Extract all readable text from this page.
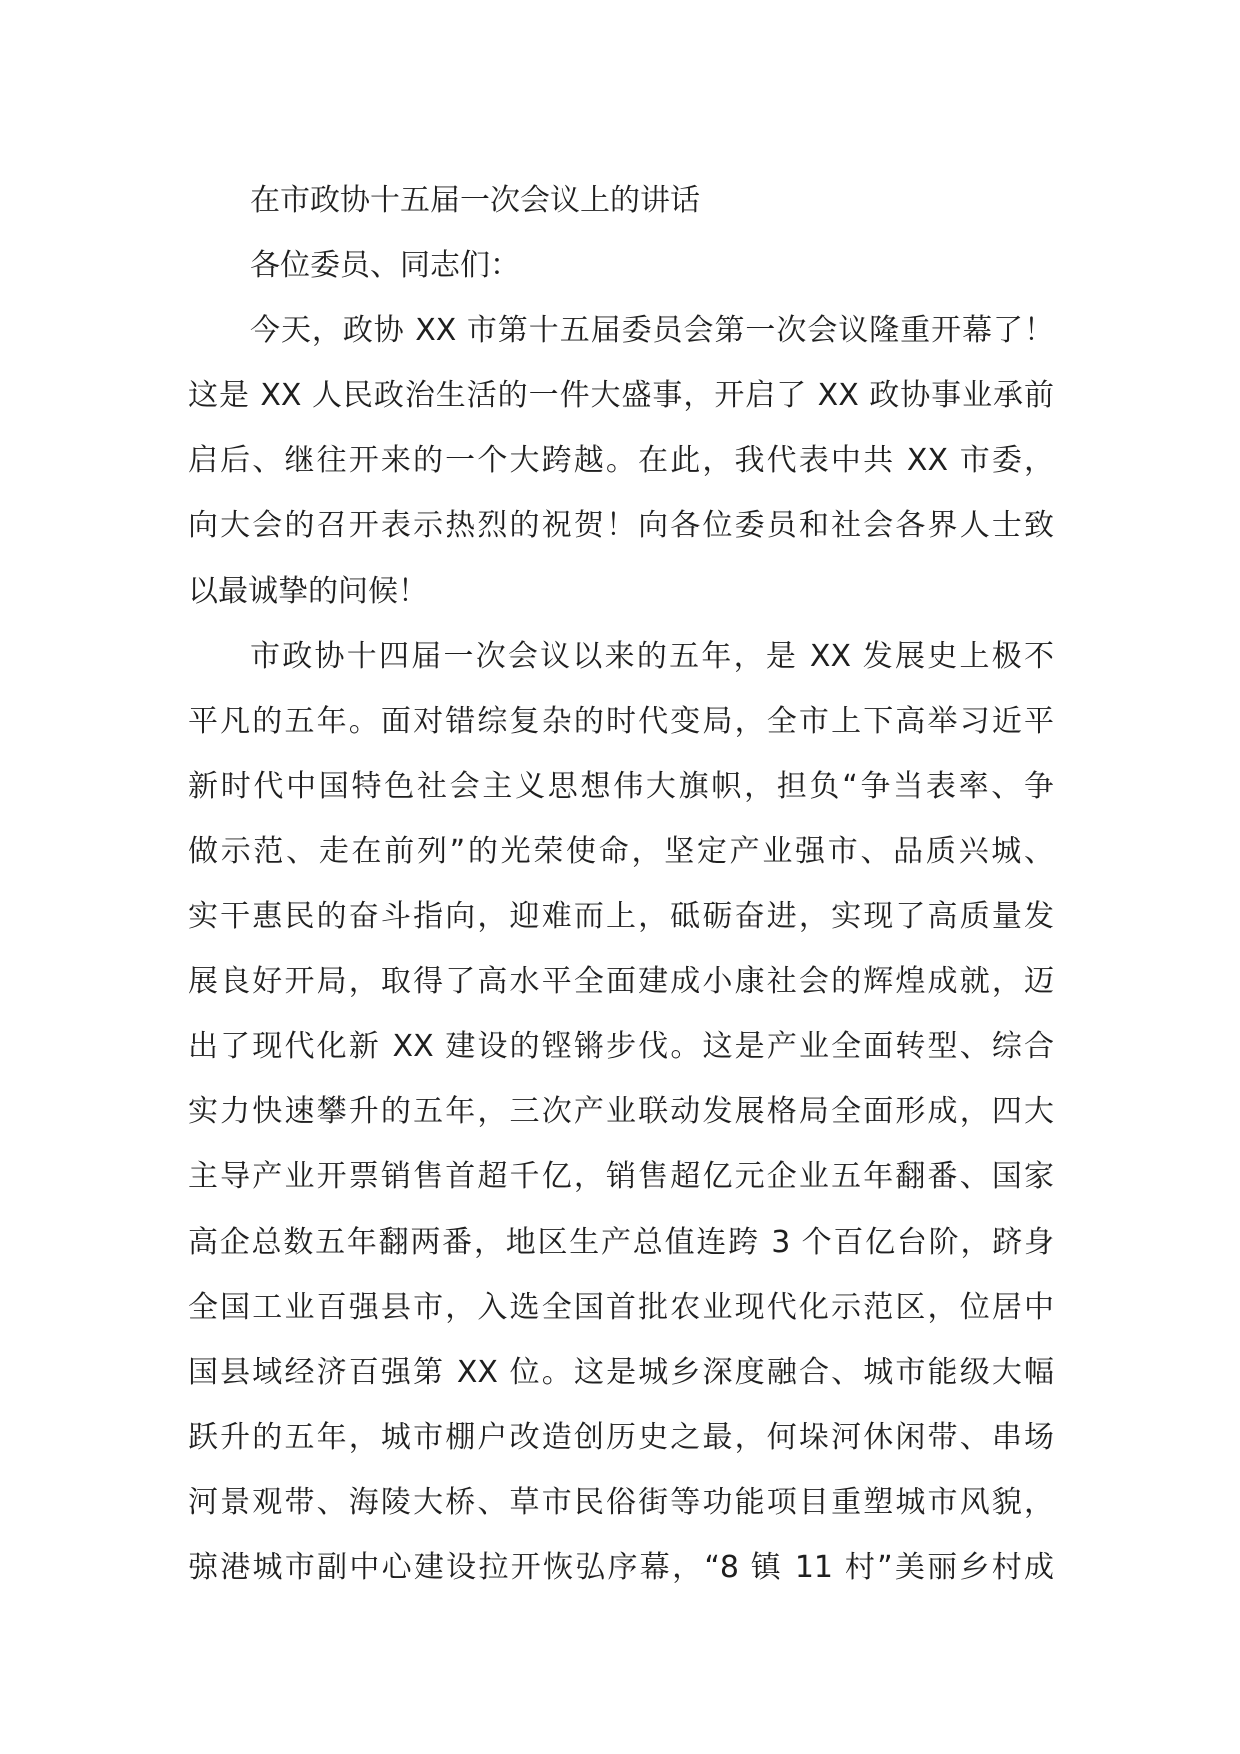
在市政协十五届一次会议上的讲话
各位委员、同志们：
今天，政协 XX 市第十五届委员会第一次会议隆重开幕了！
这是 XX 人民政治生活的一件大盛事，开启了 XX 政协事业承前
启后、继往开来的一个大跨越。在此，我代表中共 XX 市委，
向大会的召开表示热烈的祝贺！向各位委员和社会各界人士致
以最诚挚的问候！
市政协十四届一次会议以来的五年，是 XX 发展史上极不
平凡的五年。面对错综复杂的时代变局，全市上下高举习近平
新时代中国特色社会主义思想伟大旗帜，担负“争当表率、争
做示范、走在前列”的光荣使命，坚定产业强市、品质兴城、
实干惠民的奋斗指向，迎难而上，砥砺奋进，实现了高质量发
展良好开局，取得了高水平全面建成小康社会的辉煌成就，迈
出了现代化新 XX 建设的铿锵步伐。这是产业全面转型、综合
实力快速攀升的五年，三次产业联动发展格局全面形成，四大
主导产业开票销售首超千亿，销售超亿元企业五年翻番、国家
高企总数五年翻两番，地区生产总值连跨 3 个百亿台阶，跻身
全国工业百强县市，入选全国首批农业现代化示范区，位居中
国县域经济百强第 XX 位。这是城乡深度融合、城市能级大幅
跃升的五年，城市棚户改造创历史之最，何垛河休闲带、串场
河景观带、海陵大桥、草市民俗街等功能项目重塑城市风貌，
弶港城市副中心建设拉开恢弘序幕，“8 镇 11 村”美丽乡村成
